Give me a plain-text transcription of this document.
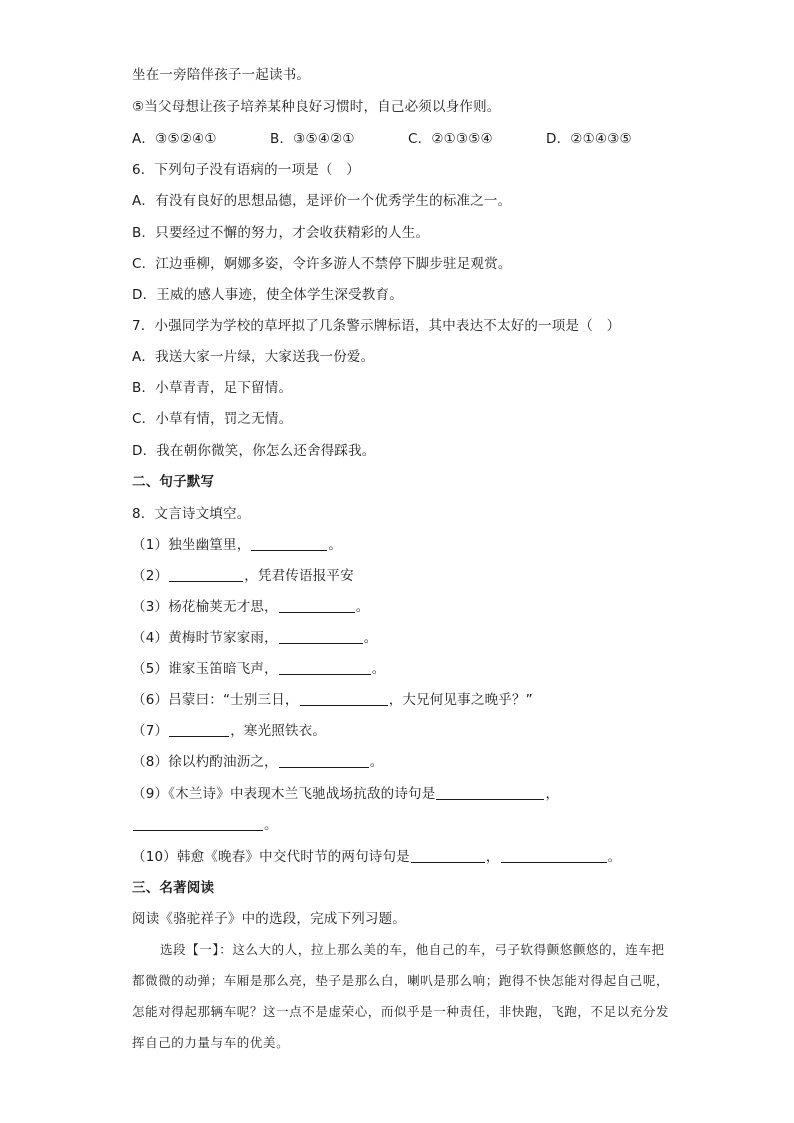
坐在一旁陪伴孩子一起读书。
⑤当父母想让孩子培养某种良好习惯时，自己必须以身作则。
A．③⑤②④①	B．③⑤④②①	C．②①③⑤④	D．②①④③⑤
6．下列句子没有语病的一项是（　）
A．有没有良好的思想品德，是评价一个优秀学生的标准之一。
B．只要经过不懈的努力，才会收获精彩的人生。
C．江边垂柳，婀娜多姿，令许多游人不禁停下脚步驻足观赏。
D．王威的感人事迹，使全体学生深受教育。
7．小强同学为学校的草坪拟了几条警示牌标语，其中表达不太好的一项是（　）
A．我送大家一片绿，大家送我一份爱。
B．小草青青，足下留情。
C．小草有情，罚之无情。
D．我在朝你微笑，你怎么还舍得踩我。
二、句子默写
8．文言诗文填空。
（1）独坐幽篁里，	。
（2）	，凭君传语报平安
（3）杨花榆荚无才思，	。
（4）黄梅时节家家雨，	。
（5）谁家玉笛暗飞声，	。
（6）吕蒙曰：“士别三日，	，大兄何见事之晚乎？”
（7）	，寒光照铁衣。
（8）徐以杓酌油沥之，	。
（9）《木兰诗》中表现木兰飞驰战场抗敌的诗句是	，
。
（10）韩愈《晚春》中交代时节的两句诗句是	，	。
三、名著阅读
阅读《骆驼祥子》中的选段，完成下列习题。
选段【一】：这么大的人，拉上那么美的车，他自己的车，弓子软得颤悠颤悠的，连车把都微微的动弹；车厢是那么亮，垫子是那么白，喇叭是那么响；跑得不快怎能对得起自己呢，怎能对得起那辆车呢？这一点不是虚荣心，而似乎是一种责任，非快跑，飞跑，不足以充分发挥自己的力量与车的优美。
